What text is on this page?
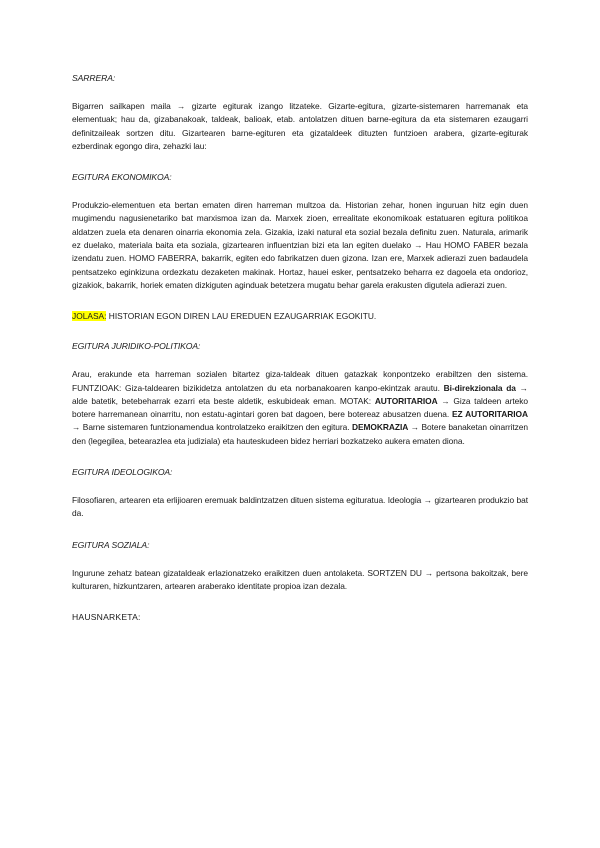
SARRERA:

Bigarren sailkapen maila → gizarte egiturak izango litzateke. Gizarte-egitura, gizarte-sistemaren harremanak eta elementuak; hau da, gizabanakoak, taldeak, balioak, etab. antolatzen dituen barne-egitura da eta sistemaren ezaugarri definitzaileak sortzen ditu. Gizartearen barne-egituren eta gizataldeek dituzten funtzioen arabera, gizarte-egiturak ezberdinak egongo dira, zehazki lau:

EGITURA EKONOMIKOA:

Produkzio-elementuen eta bertan ematen diren harreman multzoa da. Historian zehar, honen inguruan hitz egin duen mugimendu nagusienetariko bat marxismoa izan da. Marxek zioen, errealitate ekonomikoak estatuaren egitura politikoa aldatzen zuela eta denaren oinarria ekonomia zela. Gizakia, izaki natural eta sozial bezala definitu zuen. Naturala, arimarik ez duelako, materiala baita eta soziala, gizartearen influentzian bizi eta lan egiten duelako → Hau HOMO FABER bezala izendatu zuen. HOMO FABERRA, bakarrik, egiten edo fabrikatzen duen gizona. Izan ere, Marxek adierazi zuen badaudela pentsatzeko eginkizuna ordezkatu dezaketen makinak. Hortaz, hauei esker, pentsatzeko beharra ez dagoela eta ondorioz, gizakiok, bakarrik, horiek ematen dizkiguten aginduak betetzera mugatu behar garela erakusten digutela adierazi zuen.

JOLASA: HISTORIAN EGON DIREN LAU EREDUEN EZAUGARRIAK EGOKITU.
EGITURA JURIDIKO-POLITIKOA:

Arau, erakunde eta harreman sozialen bitartez giza-taldeak dituen gatazkak konpontzeko erabiltzen den sistema. FUNTZIOAK: Giza-taldearen bizikidetza antolatzen du eta norbanakoaren kanpo-ekintzak arautu. Bi-direkzionala da → alde batetik, betebeharrak ezarri eta beste aldetik, eskubideak eman. MOTAK: AUTORITARIOA → Giza taldeen arteko botere harremanean oinarritu, non estatu-agintari goren bat dagoen, bere botereaz abusatzen duena. EZ AUTORITARIOA → Barne sistemaren funtzionamendua kontrolatzeko eraikitzen den egitura. DEMOKRAZIA → Botere banaketan oinarritzen den (legegilea, betearazlea eta judiziala) eta hauteskudeen bidez herriari bozkatzeko aukera ematen diona.

EGITURA IDEOLOGIKOA:

Filosofiaren, artearen eta erlijioaren eremuak baldintzatzen dituen sistema egituratua. Ideologia → gizartearen produkzio bat da.

EGITURA SOZIALA:

Ingurune zehatz batean gizataldeak erlazionatzeko eraikitzen duen antolaketa. SORTZEN DU → pertsona bakoitzak, bere kulturaren, hizkuntzaren, artearen araberako identitate propioa izan dezala.

HAUSNARKETA:
